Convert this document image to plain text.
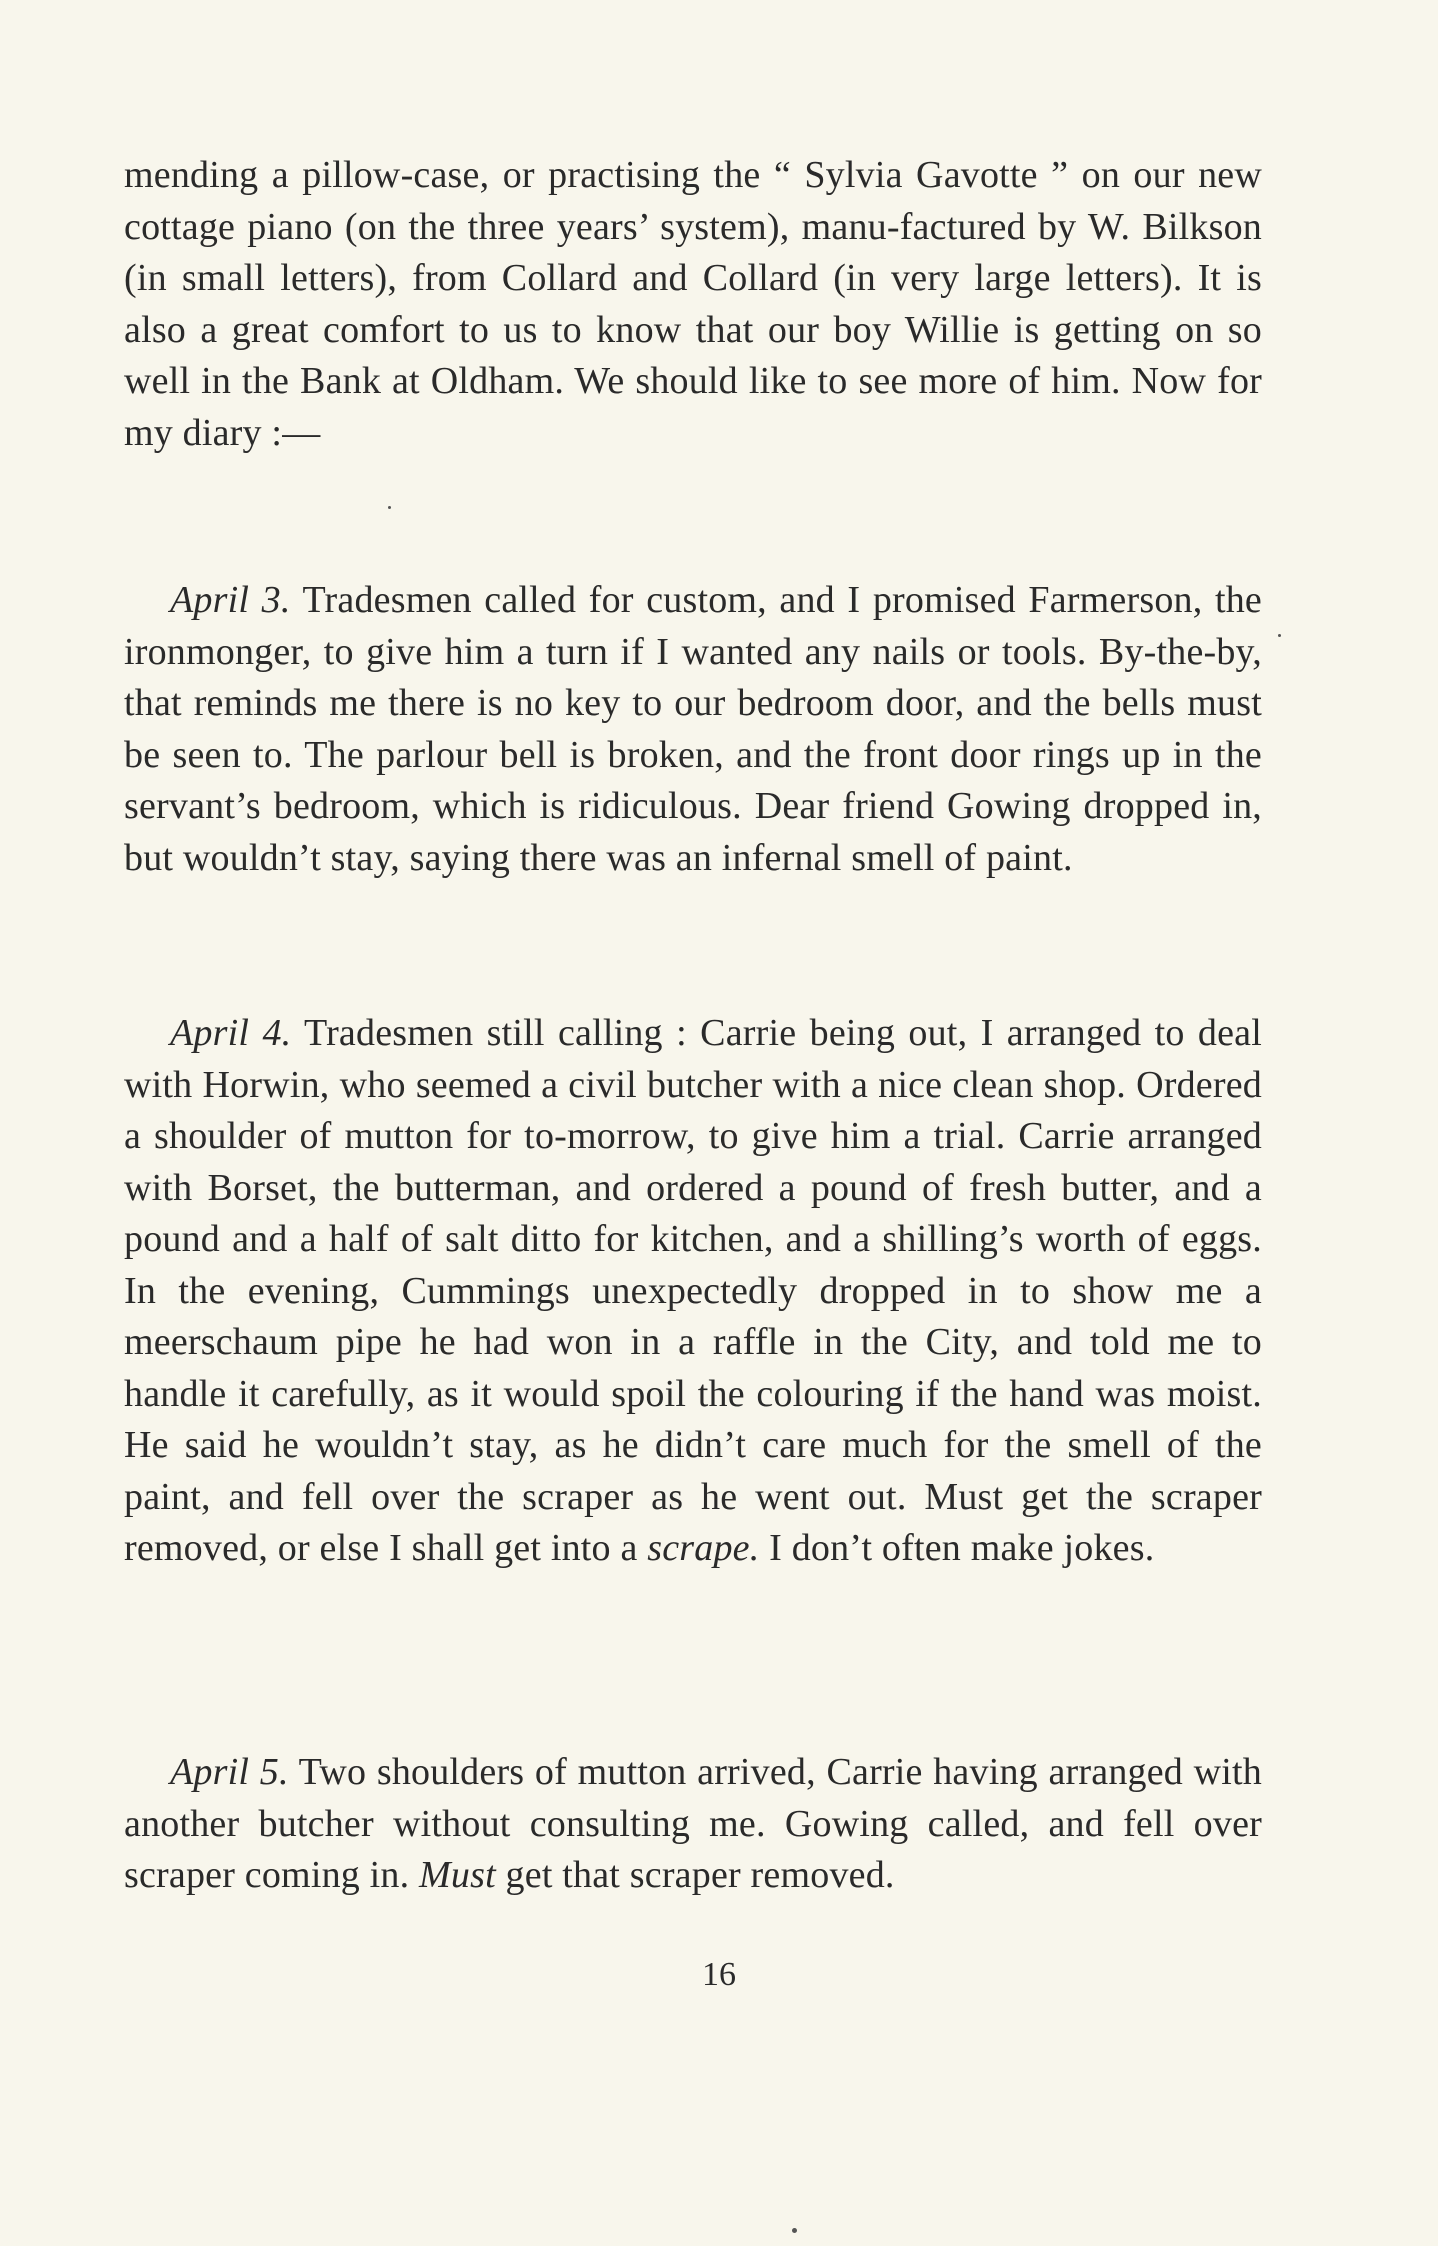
mending a pillow-case, or practising the “ Sylvia Gavotte ” on our new cottage piano (on the three years’ system), manu-factured by W. Bilkson (in small letters), from Collard and Collard (in very large letters). It is also a great comfort to us to know that our boy Willie is getting on so well in the Bank at Oldham. We should like to see more of him. Now for my diary :—

April 3. Tradesmen called for custom, and I promised Farmerson, the ironmonger, to give him a turn if I wanted any nails or tools. By-the-by, that reminds me there is no key to our bedroom door, and the bells must be seen to. The parlour bell is broken, and the front door rings up in the servant’s bedroom, which is ridiculous. Dear friend Gowing dropped in, but wouldn’t stay, saying there was an infernal smell of paint.

April 4. Tradesmen still calling : Carrie being out, I arranged to deal with Horwin, who seemed a civil butcher with a nice clean shop. Ordered a shoulder of mutton for to-morrow, to give him a trial. Carrie arranged with Borset, the butterman, and ordered a pound of fresh butter, and a pound and a half of salt ditto for kitchen, and a shilling’s worth of eggs. In the evening, Cummings unexpectedly dropped in to show me a meerschaum pipe he had won in a raffle in the City, and told me to handle it carefully, as it would spoil the colouring if the hand was moist. He said he wouldn’t stay, as he didn’t care much for the smell of the paint, and fell over the scraper as he went out. Must get the scraper removed, or else I shall get into a scrape. I don’t often make jokes.

April 5. Two shoulders of mutton arrived, Carrie having arranged with another butcher without consulting me. Gowing called, and fell over scraper coming in. Must get that scraper removed.

16
